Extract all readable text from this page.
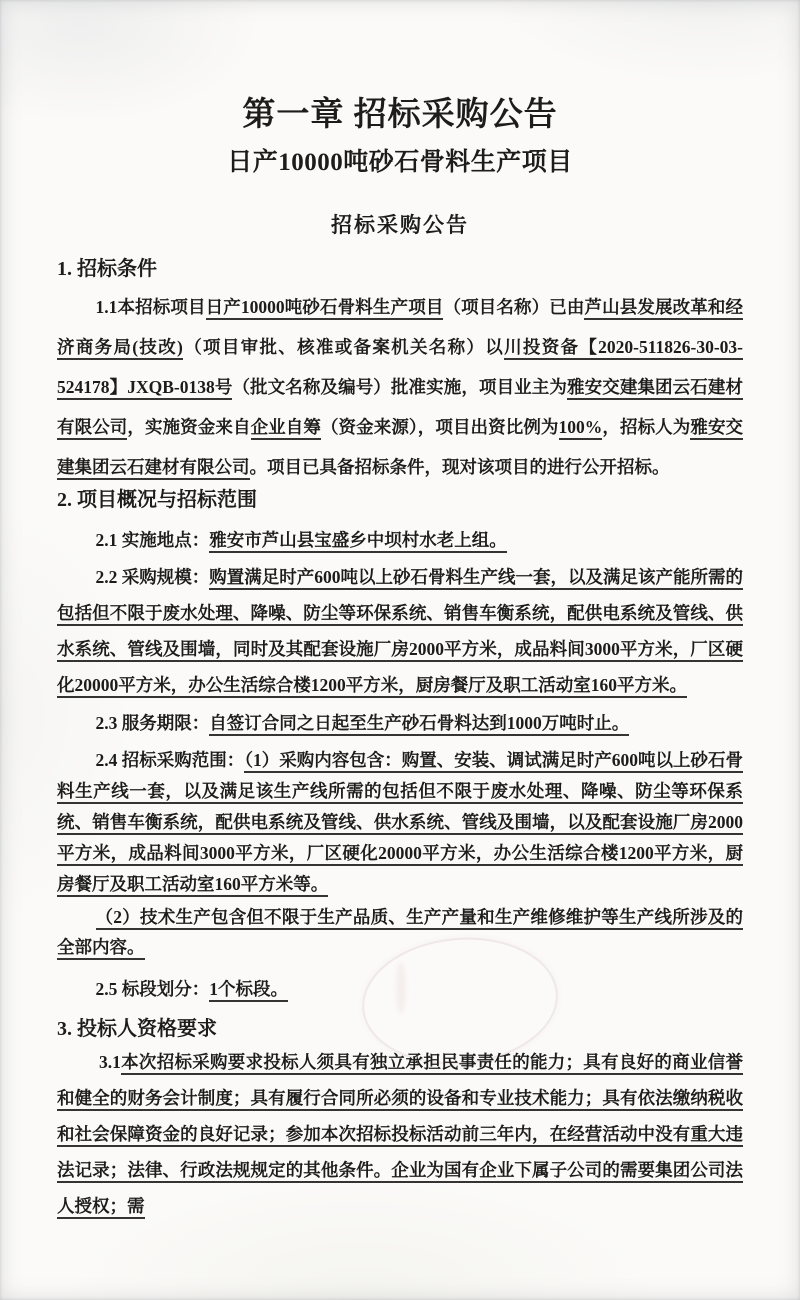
第一章 招标采购公告
日产10000吨砂石骨料生产项目
招标采购公告
1. 招标条件
1.1本招标项目日产10000吨砂石骨料生产项目（项目名称）已由芦山县发展改革和经济商务局(技改)（项目审批、核准或备案机关名称）以川投资备【2020-511826-30-03-524178】JXQB-0138号（批文名称及编号）批准实施，项目业主为雅安交建集团云石建材有限公司，实施资金来自企业自筹（资金来源），项目出资比例为100%，招标人为雅安交建集团云石建材有限公司。项目已具备招标条件，现对该项目的进行公开招标。
2. 项目概况与招标范围
2.1 实施地点：雅安市芦山县宝盛乡中坝村水老上组。
2.2 采购规模：购置满足时产600吨以上砂石骨料生产线一套，以及满足该产能所需的包括但不限于废水处理、降噪、防尘等环保系统、销售车衡系统，配供电系统及管线、供水系统、管线及围墙，同时及其配套设施厂房2000平方米，成品料间3000平方米，厂区硬化20000平方米，办公生活综合楼1200平方米，厨房餐厅及职工活动室160平方米。
2.3 服务期限：自签订合同之日起至生产砂石骨料达到1000万吨时止。
2.4 招标采购范围：（1）采购内容包含：购置、安装、调试满足时产600吨以上砂石骨料生产线一套，以及满足该生产线所需的包括但不限于废水处理、降噪、防尘等环保系统、销售车衡系统，配供电系统及管线、供水系统、管线及围墙，以及配套设施厂房2000平方米，成品料间3000平方米，厂区硬化20000平方米，办公生活综合楼1200平方米，厨房餐厅及职工活动室160平方米等。
（2）技术生产包含但不限于生产品质、生产产量和生产维修维护等生产线所涉及的全部内容。
2.5 标段划分：1个标段。
3. 投标人资格要求
3.1本次招标采购要求投标人须具有独立承担民事责任的能力；具有良好的商业信誉和健全的财务会计制度；具有履行合同所必须的设备和专业技术能力；具有依法缴纳税收和社会保障资金的良好记录；参加本次招标投标活动前三年内，在经营活动中没有重大违法记录；法律、行政法规规定的其他条件。企业为国有企业下属子公司的需要集团公司法人授权；需
